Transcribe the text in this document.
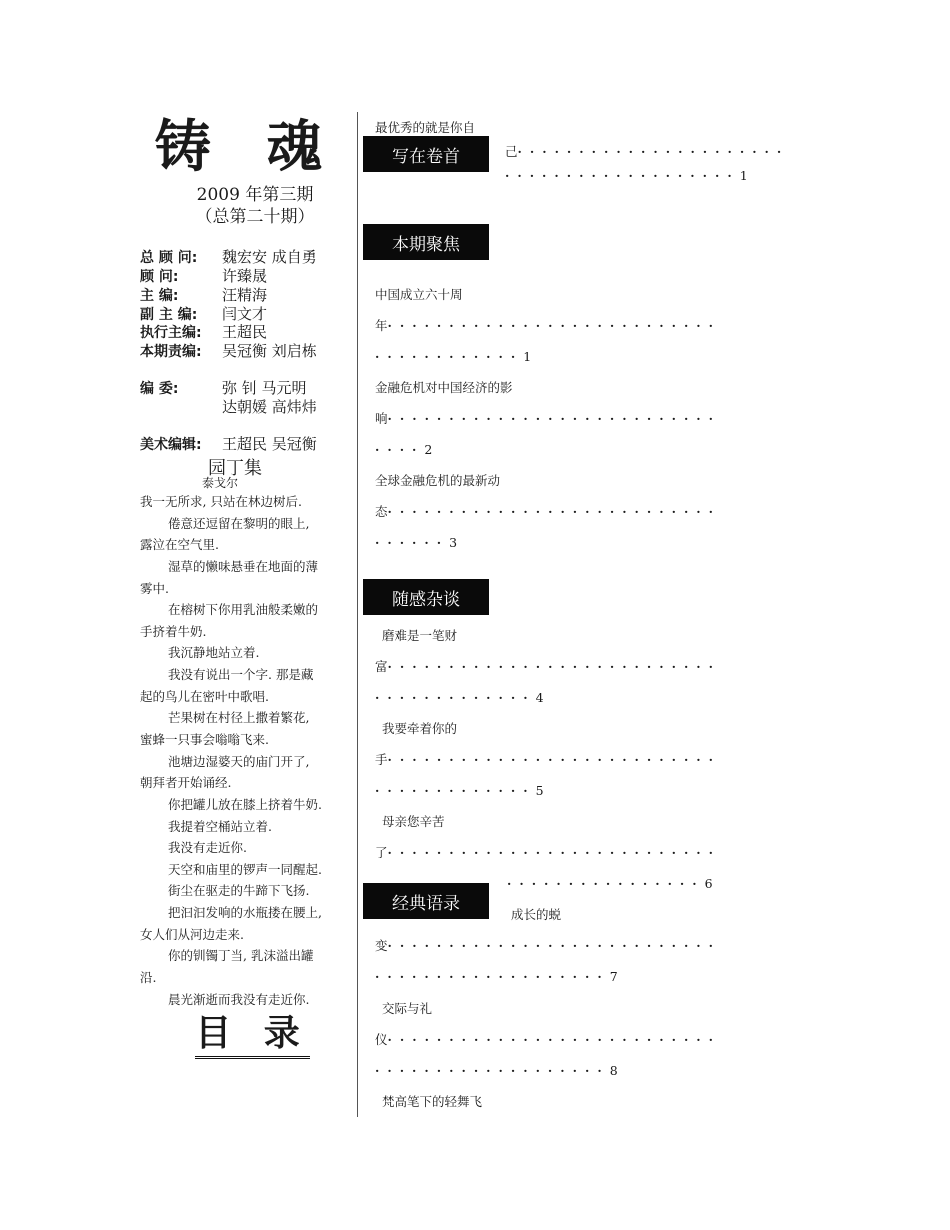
铸 魂
2009 年第三期
（总第二十期）
总 顾 问: 魏宏安 成自勇
顾 问:	许臻晟
主 编:	汪精海
副 主 编: 闫文才
执行主编: 王超民
本期责编: 吴冠衡 刘启栋
编 委:	弥 钊 马元明
达朝媛 高炜炜
美术编辑: 王超民 吴冠衡
园丁集
泰戈尔
我一无所求, 只站在林边树后.
倦意还逗留在黎明的眼上,
露泣在空气里.
湿草的懒味悬垂在地面的薄
雾中.
在榕树下你用乳油般柔嫩的
手挤着牛奶.
我沉静地站立着.
我没有说出一个字. 那是藏
起的鸟儿在密叶中歌唱.
芒果树在村径上撒着繁花,
蜜蜂一只事会嗡嗡飞来.
池塘边湿婆天的庙门开了,
朝拜者开始诵经.
你把罐儿放在膝上挤着牛奶.
我提着空桶站立着.
我没有走近你.
天空和庙里的锣声一同醒起.
街尘在驱走的牛蹄下飞扬.
把汩汩发响的水瓶搂在腰上,
女人们从河边走来.
你的钏镯丁当, 乳沫溢出罐
沿.
晨光渐逝而我没有走近你.
目 录
写在卷首
本期聚焦
随感杂谈
经典语录
最优秀的就是你自
己······················
···················1
中国成立六十周
年···························
············1
金融危机对中国经济的影
响···························
····2
全球金融危机的最新动
态···························
······3
磨难是一笔财
富···························
·············4
我要牵着你的
手···························
·············5
母亲您辛苦
了···························
················6
成长的蜕
变···························
···················7
交际与礼
仪···························
···················8
梵高笔下的轻舞飞
